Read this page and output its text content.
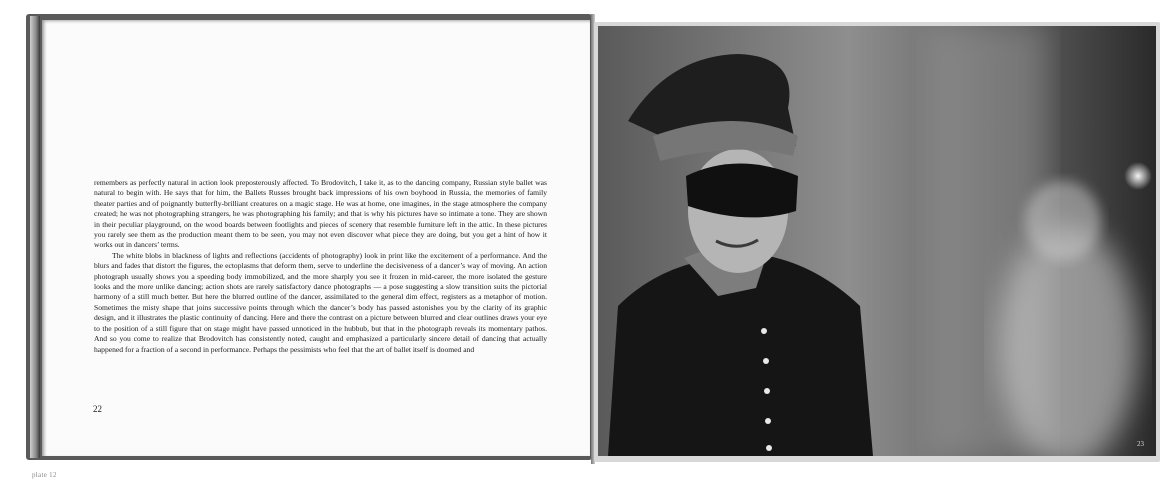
remembers as perfectly natural in action look preposterously affected. To Brodovitch, I take it, as to the dancing company, Russian style ballet was natural to begin with. He says that for him, the Ballets Russes brought back impressions of his own boyhood in Russia, the memories of family theater parties and of poignantly butterfly-brilliant creatures on a magic stage. He was at home, one imagines, in the stage atmosphere the company created; he was not photographing strangers, he was photographing his family; and that is why his pictures have so intimate a tone. They are shown in their peculiar playground, on the wood boards between footlights and pieces of scenery that resemble furniture left in the attic. In these pictures you rarely see them as the production meant them to be seen, you may not even discover what piece they are doing, but you get a hint of how it works out in dancers’ terms.

The white blobs in blackness of lights and reflections (accidents of photography) look in print like the excitement of a performance. And the blurs and fades that distort the figures, the ectoplasms that deform them, serve to underline the decisiveness of a dancer’s way of moving. An action photograph usually shows you a speeding body immobilized, and the more sharply you see it frozen in mid-career, the more isolated the gesture looks and the more unlike dancing; action shots are rarely satisfactory dance photographs — a pose suggesting a slow transition suits the pictorial harmony of a still much better. But here the blurred outline of the dancer, assimilated to the general dim effect, registers as a metaphor of motion. Sometimes the misty shape that joins successive points through which the dancer’s body has passed astonishes you by the clarity of its graphic design, and it illustrates the plastic continuity of dancing. Here and there the contrast on a picture between blurred and clear outlines draws your eye to the position of a still figure that on stage might have passed unnoticed in the hubbub, but that in the photograph reveals its momentary pathos. And so you come to realize that Brodovitch has consistently noted, caught and emphasized a particularly sincere detail of dancing that actually happened for a fraction of a second in performance. Perhaps the pessimists who feel that the art of ballet itself is doomed and

22
23
plate 12
